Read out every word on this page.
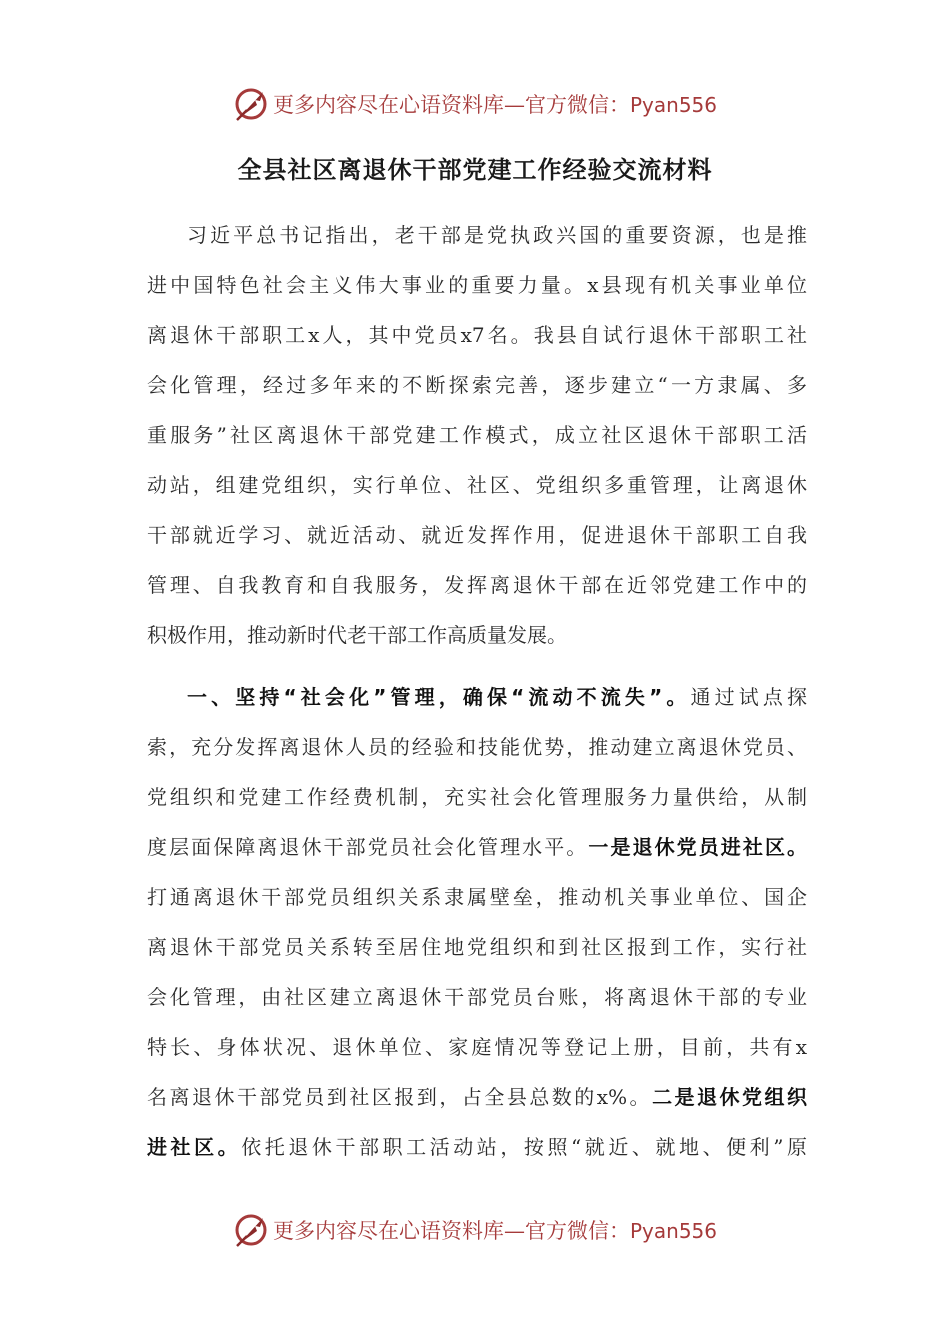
更多内容尽在心语资料库—官方微信：Pyan556
全县社区离退休干部党建工作经验交流材料
习近平总书记指出，老干部是党执政兴国的重要资源，也是推
进中国特色社会主义伟大事业的重要力量。x县现有机关事业单位
离退休干部职工x人，其中党员x7名。我县自试行退休干部职工社
会化管理，经过多年来的不断探索完善，逐步建立“一方隶属、多
重服务”社区离退休干部党建工作模式，成立社区退休干部职工活
动站，组建党组织，实行单位、社区、党组织多重管理，让离退休
干部就近学习、就近活动、就近发挥作用，促进退休干部职工自我
管理、自我教育和自我服务，发挥离退休干部在近邻党建工作中的
积极作用，推动新时代老干部工作高质量发展。
一、坚持“社会化”管理，确保“流动不流失”。通过试点探
索，充分发挥离退休人员的经验和技能优势，推动建立离退休党员、
党组织和党建工作经费机制，充实社会化管理服务力量供给，从制
度层面保障离退休干部党员社会化管理水平。一是退休党员进社区。
打通离退休干部党员组织关系隶属壁垒，推动机关事业单位、国企
离退休干部党员关系转至居住地党组织和到社区报到工作，实行社
会化管理，由社区建立离退休干部党员台账，将离退休干部的专业
特长、身体状况、退休单位、家庭情况等登记上册，目前，共有x
名离退休干部党员到社区报到，占全县总数的x%。二是退休党组织
进社区。依托退休干部职工活动站，按照“就近、就地、便利”原
更多内容尽在心语资料库—官方微信：Pyan556
